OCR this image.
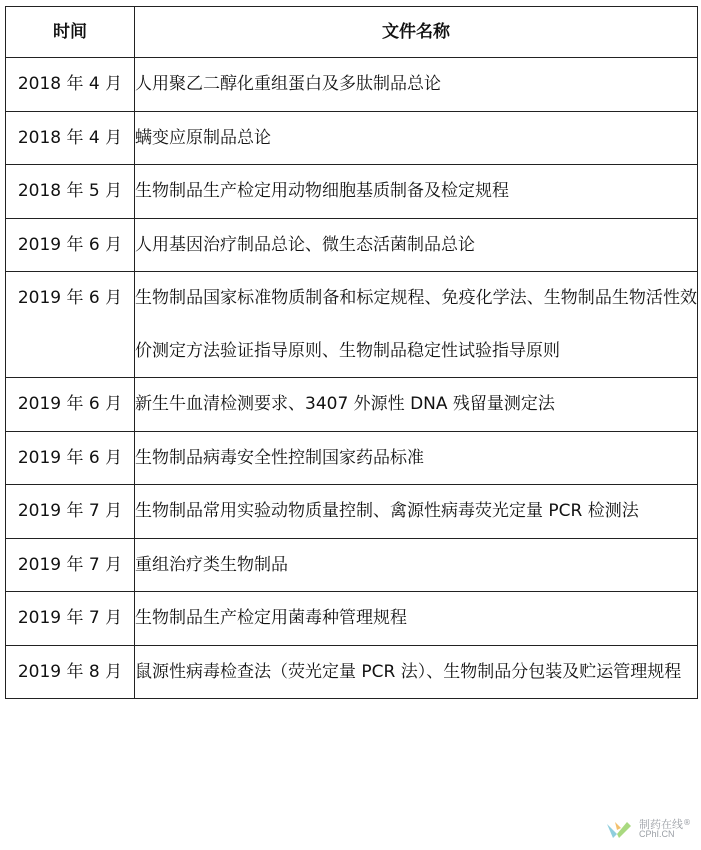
时间	文件名称
2018 年 4 月	人用聚乙二醇化重组蛋白及多肽制品总论
2018 年 4 月	螨变应原制品总论
2018 年 5 月	生物制品生产检定用动物细胞基质制备及检定规程
2019 年 6 月	人用基因治疗制品总论、微生态活菌制品总论
2019 年 6 月	生物制品国家标准物质制备和标定规程、免疫化学法、生物制品生物活性效价测定方法验证指导原则、生物制品稳定性试验指导原则
2019 年 6 月	新生牛血清检测要求、3407 外源性 DNA 残留量测定法
2019 年 6 月	生物制品病毒安全性控制国家药品标准
2019 年 7 月	生物制品常用实验动物质量控制、禽源性病毒荧光定量 PCR 检测法
2019 年 7 月	重组治疗类生物制品
2019 年 7 月	生物制品生产检定用菌毒种管理规程
2019 年 8 月	鼠源性病毒检查法（荧光定量 PCR 法）、生物制品分包装及贮运管理规程
制药在线®
CPhI.CN
